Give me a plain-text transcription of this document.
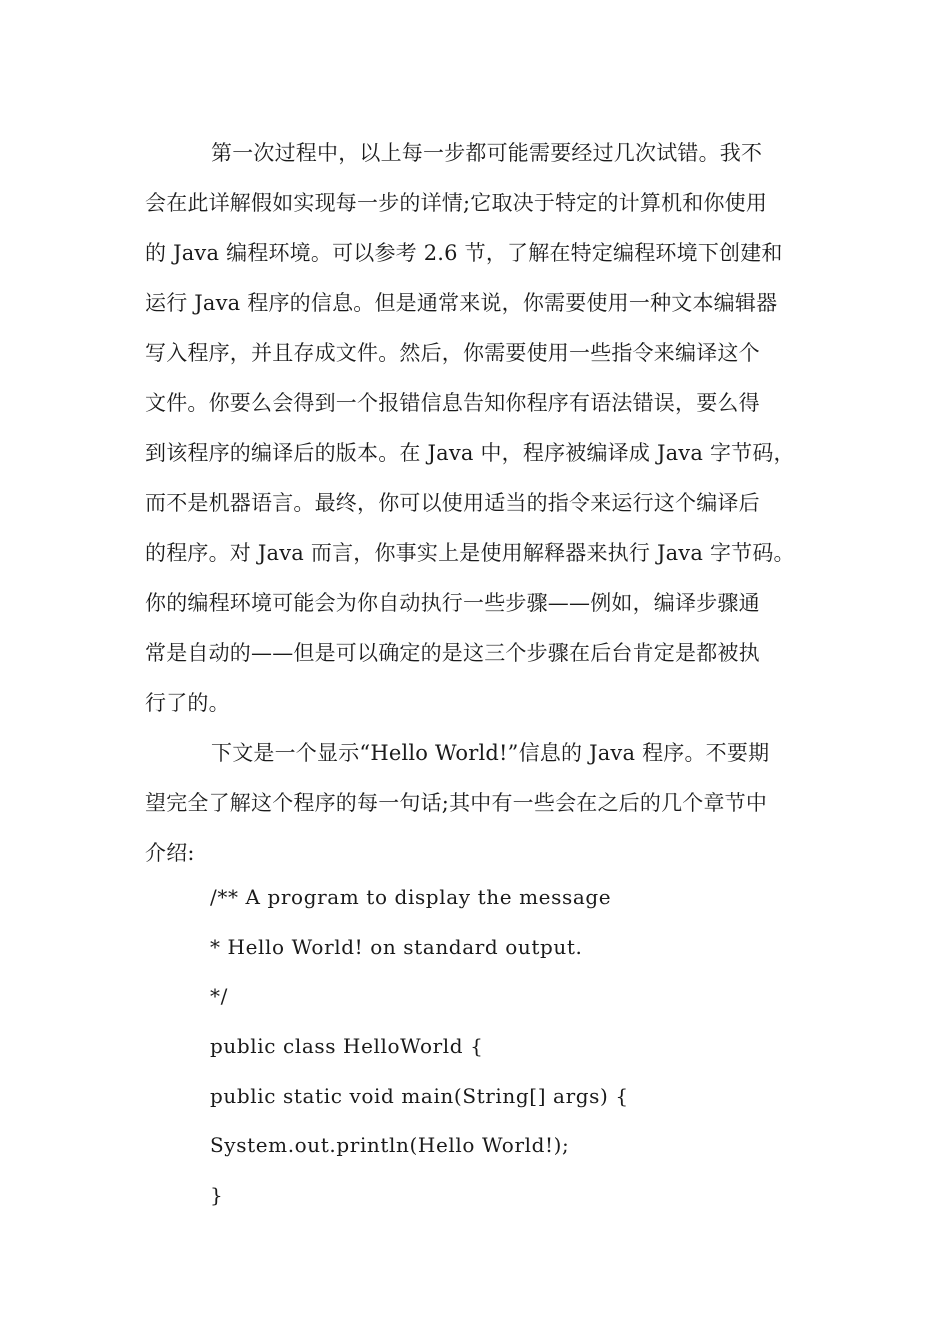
第一次过程中，以上每一步都可能需要经过几次试错。我不
会在此详解假如实现每一步的详情;它取决于特定的计算机和你使用
的 Java 编程环境。可以参考 2.6 节，了解在特定编程环境下创建和
运行 Java 程序的信息。但是通常来说，你需要使用一种文本编辑器
写入程序，并且存成文件。然后，你需要使用一些指令来编译这个
文件。你要么会得到一个报错信息告知你程序有语法错误，要么得
到该程序的编译后的版本。在 Java 中，程序被编译成 Java 字节码，
而不是机器语言。最终，你可以使用适当的指令来运行这个编译后
的程序。对 Java 而言，你事实上是使用解释器来执行 Java 字节码。
你的编程环境可能会为你自动执行一些步骤——例如，编译步骤通
常是自动的——但是可以确定的是这三个步骤在后台肯定是都被执
行了的。
下文是一个显示“Hello World!”信息的 Java 程序。不要期
望完全了解这个程序的每一句话;其中有一些会在之后的几个章节中
介绍:
/** A program to display the message
* Hello World! on standard output.
*/
public class HelloWorld {
public static void main(String[] args) {
System.out.println(Hello World!);
}
